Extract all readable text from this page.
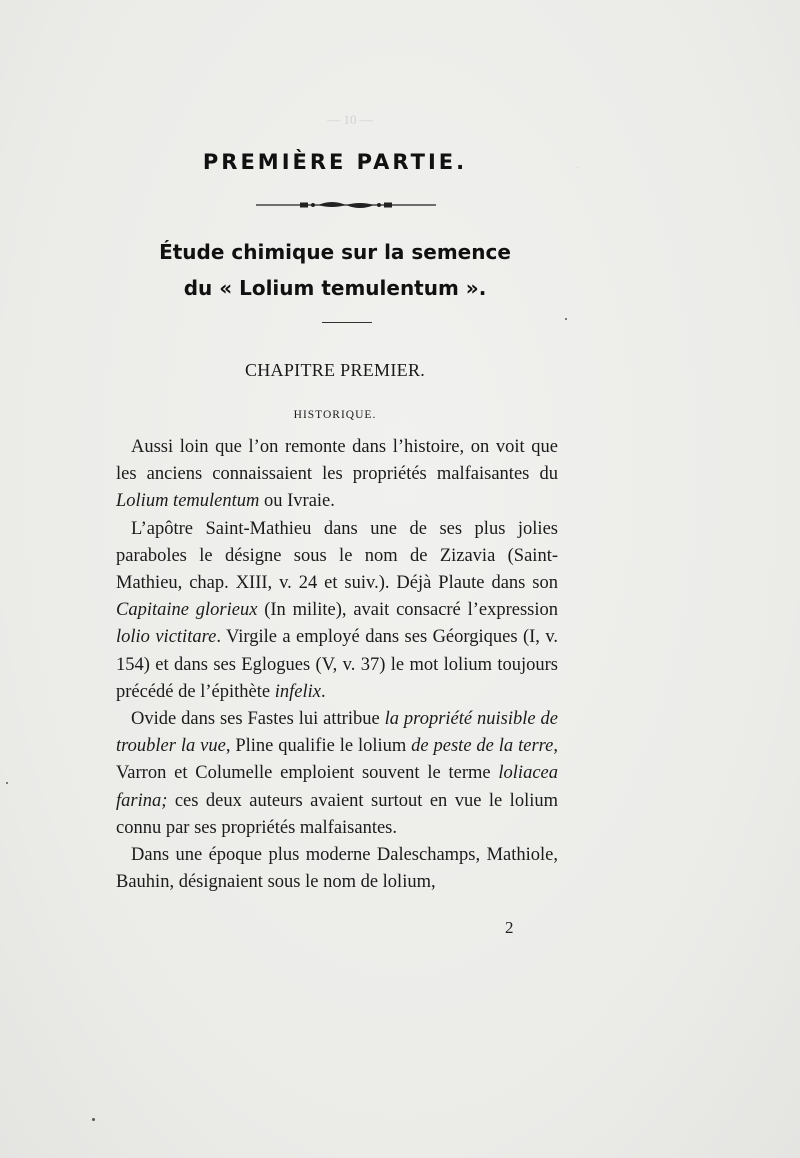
·
— 10 —
PREMIÈRE PARTIE.
Étude chimique sur la semence
du « Lolium temulentum ».
CHAPITRE PREMIER.
HISTORIQUE.

Aussi loin que l’on remonte dans l’histoire, on voit que les anciens connaissaient les propriétés malfaisantes du Lolium temulentum ou Ivraie.

L’apôtre Saint-Mathieu dans une de ses plus jolies paraboles le désigne sous le nom de Zizavia (Saint-Mathieu, chap. XIII, v. 24 et suiv.). Déjà Plaute dans son Capitaine glorieux (In milite), avait consacré l’expression lolio victitare. Virgile a employé dans ses Géorgiques (I, v. 154) et dans ses Eglogues (V, v. 37) le mot lolium toujours précédé de l’épithète infelix.

Ovide dans ses Fastes lui attribue la propriété nuisible de troubler la vue, Pline qualifie le lolium de peste de la terre, Varron et Columelle emploient souvent le terme loliacea farina; ces deux auteurs avaient surtout en vue le lolium connu par ses propriétés malfaisantes.

Dans une époque plus moderne Daleschamps, Mathiole, Bauhin, désignaient sous le nom de lolium,

2
